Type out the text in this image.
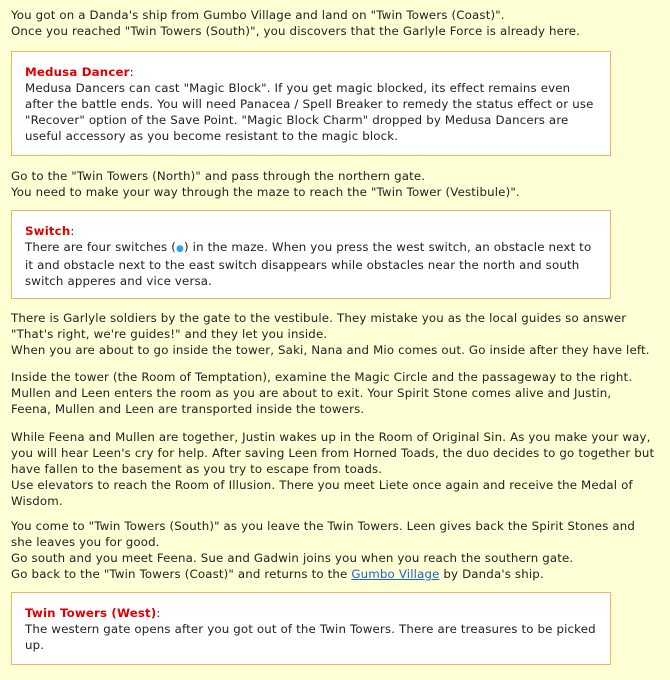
You got on a Danda's ship from Gumbo Village and land on "Twin Towers (Coast)".
Once you reached "Twin Towers (South)", you discovers that the Garlyle Force is already here.

Medusa Dancer:
Medusa Dancers can cast "Magic Block". If you get magic blocked, its effect remains even
after the battle ends. You will need Panacea / Spell Breaker to remedy the status effect or use
"Recover" option of the Save Point. "Magic Block Charm" dropped by Medusa Dancers are
useful accessory as you become resistant to the magic block.

Go to the "Twin Towers (North)" and pass through the northern gate.
You need to make your way through the maze to reach the "Twin Tower (Vestibule)".

Switch:
There are four switches (●) in the maze. When you press the west switch, an obstacle next to
it and obstacle next to the east switch disappears while obstacles near the north and south
switch apperes and vice versa.

There is Garlyle soldiers by the gate to the vestibule. They mistake you as the local guides so answer
"That's right, we're guides!" and they let you inside.
When you are about to go inside the tower, Saki, Nana and Mio comes out. Go inside after they have left.

Inside the tower (the Room of Temptation), examine the Magic Circle and the passageway to the right.
Mullen and Leen enters the room as you are about to exit. Your Spirit Stone comes alive and Justin,
Feena, Mullen and Leen are transported inside the towers.

While Feena and Mullen are together, Justin wakes up in the Room of Original Sin. As you make your way,
you will hear Leen's cry for help. After saving Leen from Horned Toads, the duo decides to go together but
have fallen to the basement as you try to escape from toads.
Use elevators to reach the Room of Illusion. There you meet Liete once again and receive the Medal of
Wisdom.

You come to "Twin Towers (South)" as you leave the Twin Towers. Leen gives back the Spirit Stones and
she leaves you for good.
Go south and you meet Feena. Sue and Gadwin joins you when you reach the southern gate.
Go back to the "Twin Towers (Coast)" and returns to the Gumbo Village by Danda's ship.

Twin Towers (West):
The western gate opens after you got out of the Twin Towers. There are treasures to be picked
up.
